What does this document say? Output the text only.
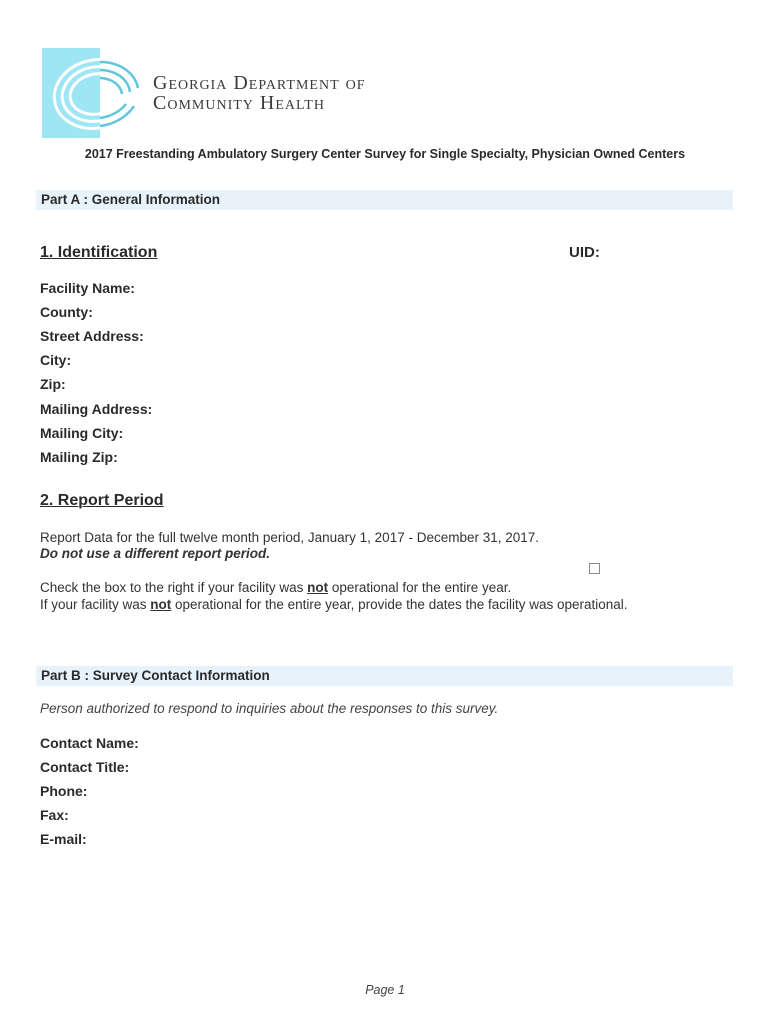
Georgia Department of
Community Health
2017 Freestanding Ambulatory Surgery Center Survey for Single Specialty, Physician Owned Centers
Part A : General Information
1. Identification	UID:
Facility Name:
County:
Street Address:
City:
Zip:
Mailing Address:
Mailing City:
Mailing Zip:
2. Report Period
Report Data for the full twelve month period, January 1, 2017 - December 31, 2017.
Do not use a different report period.
Check the box to the right if your facility was not operational for the entire year.
If your facility was not operational for the entire year, provide the dates the facility was operational.
Part B : Survey Contact Information
Person authorized to respond to inquiries about the responses to this survey.
Contact Name:
Contact Title:
Phone:
Fax:
E-mail:
Page 1
